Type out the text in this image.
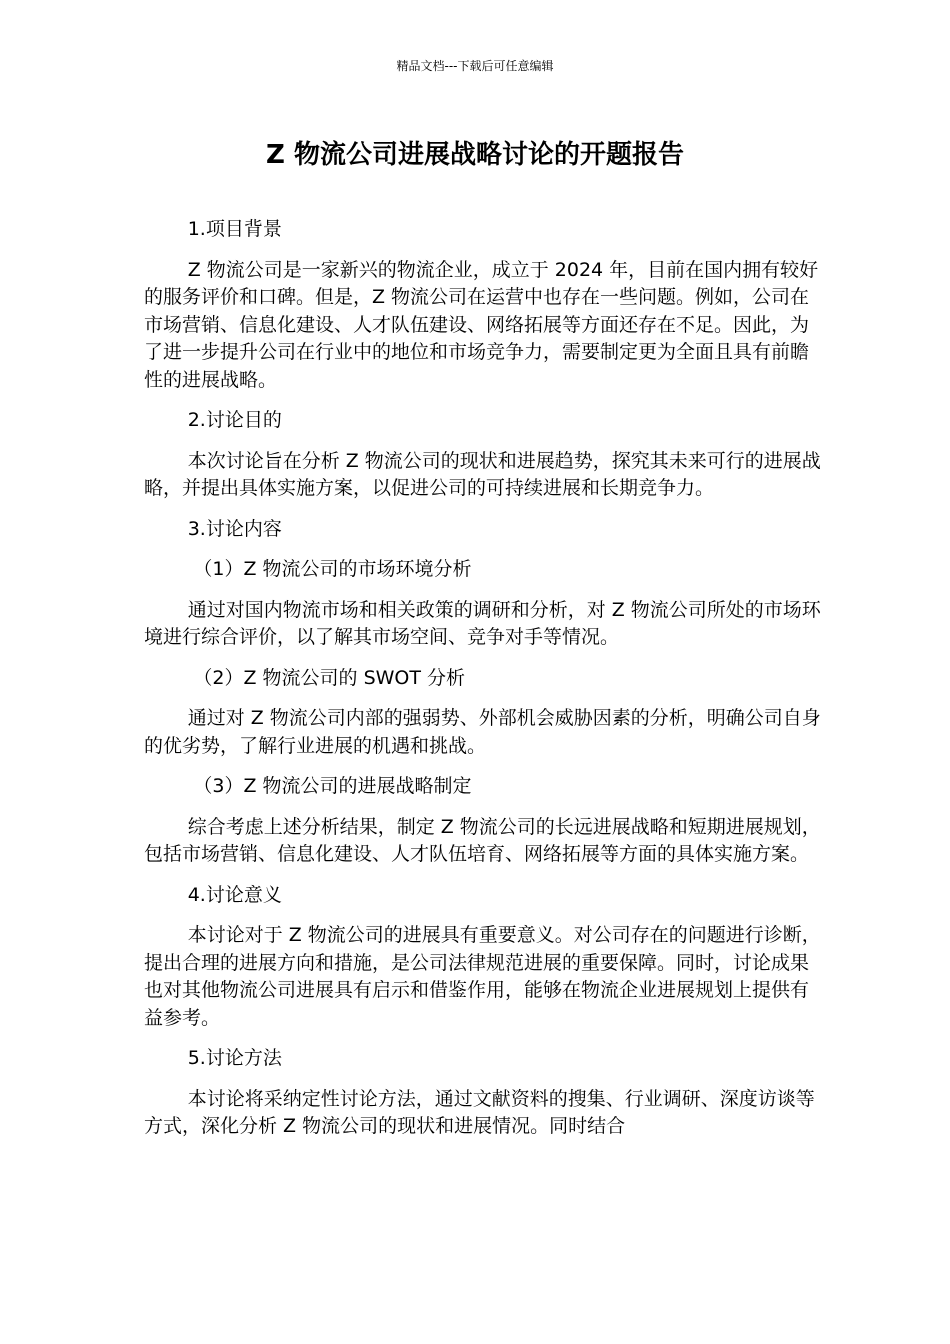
精品文档---下载后可任意编辑
Z 物流公司进展战略讨论的开题报告

1.项目背景

Z 物流公司是一家新兴的物流企业，成立于 2024 年，目前在国内拥有较好的服务评价和口碑。但是，Z 物流公司在运营中也存在一些问题。例如，公司在市场营销、信息化建设、人才队伍建设、网络拓展等方面还存在不足。因此，为了进一步提升公司在行业中的地位和市场竞争力，需要制定更为全面且具有前瞻性的进展战略。

2.讨论目的

本次讨论旨在分析 Z 物流公司的现状和进展趋势，探究其未来可行的进展战略，并提出具体实施方案，以促进公司的可持续进展和长期竞争力。

3.讨论内容

（1）Z 物流公司的市场环境分析

通过对国内物流市场和相关政策的调研和分析，对 Z 物流公司所处的市场环境进行综合评价，以了解其市场空间、竞争对手等情况。

（2）Z 物流公司的 SWOT 分析

通过对 Z 物流公司内部的强弱势、外部机会威胁因素的分析，明确公司自身的优劣势，了解行业进展的机遇和挑战。

（3）Z 物流公司的进展战略制定

综合考虑上述分析结果，制定 Z 物流公司的长远进展战略和短期进展规划，包括市场营销、信息化建设、人才队伍培育、网络拓展等方面的具体实施方案。

4.讨论意义

本讨论对于 Z 物流公司的进展具有重要意义。对公司存在的问题进行诊断，提出合理的进展方向和措施，是公司法律规范进展的重要保障。同时，讨论成果也对其他物流公司进展具有启示和借鉴作用，能够在物流企业进展规划上提供有益参考。

5.讨论方法

本讨论将采纳定性讨论方法，通过文献资料的搜集、行业调研、深度访谈等方式，深化分析 Z 物流公司的现状和进展情况。同时结合
